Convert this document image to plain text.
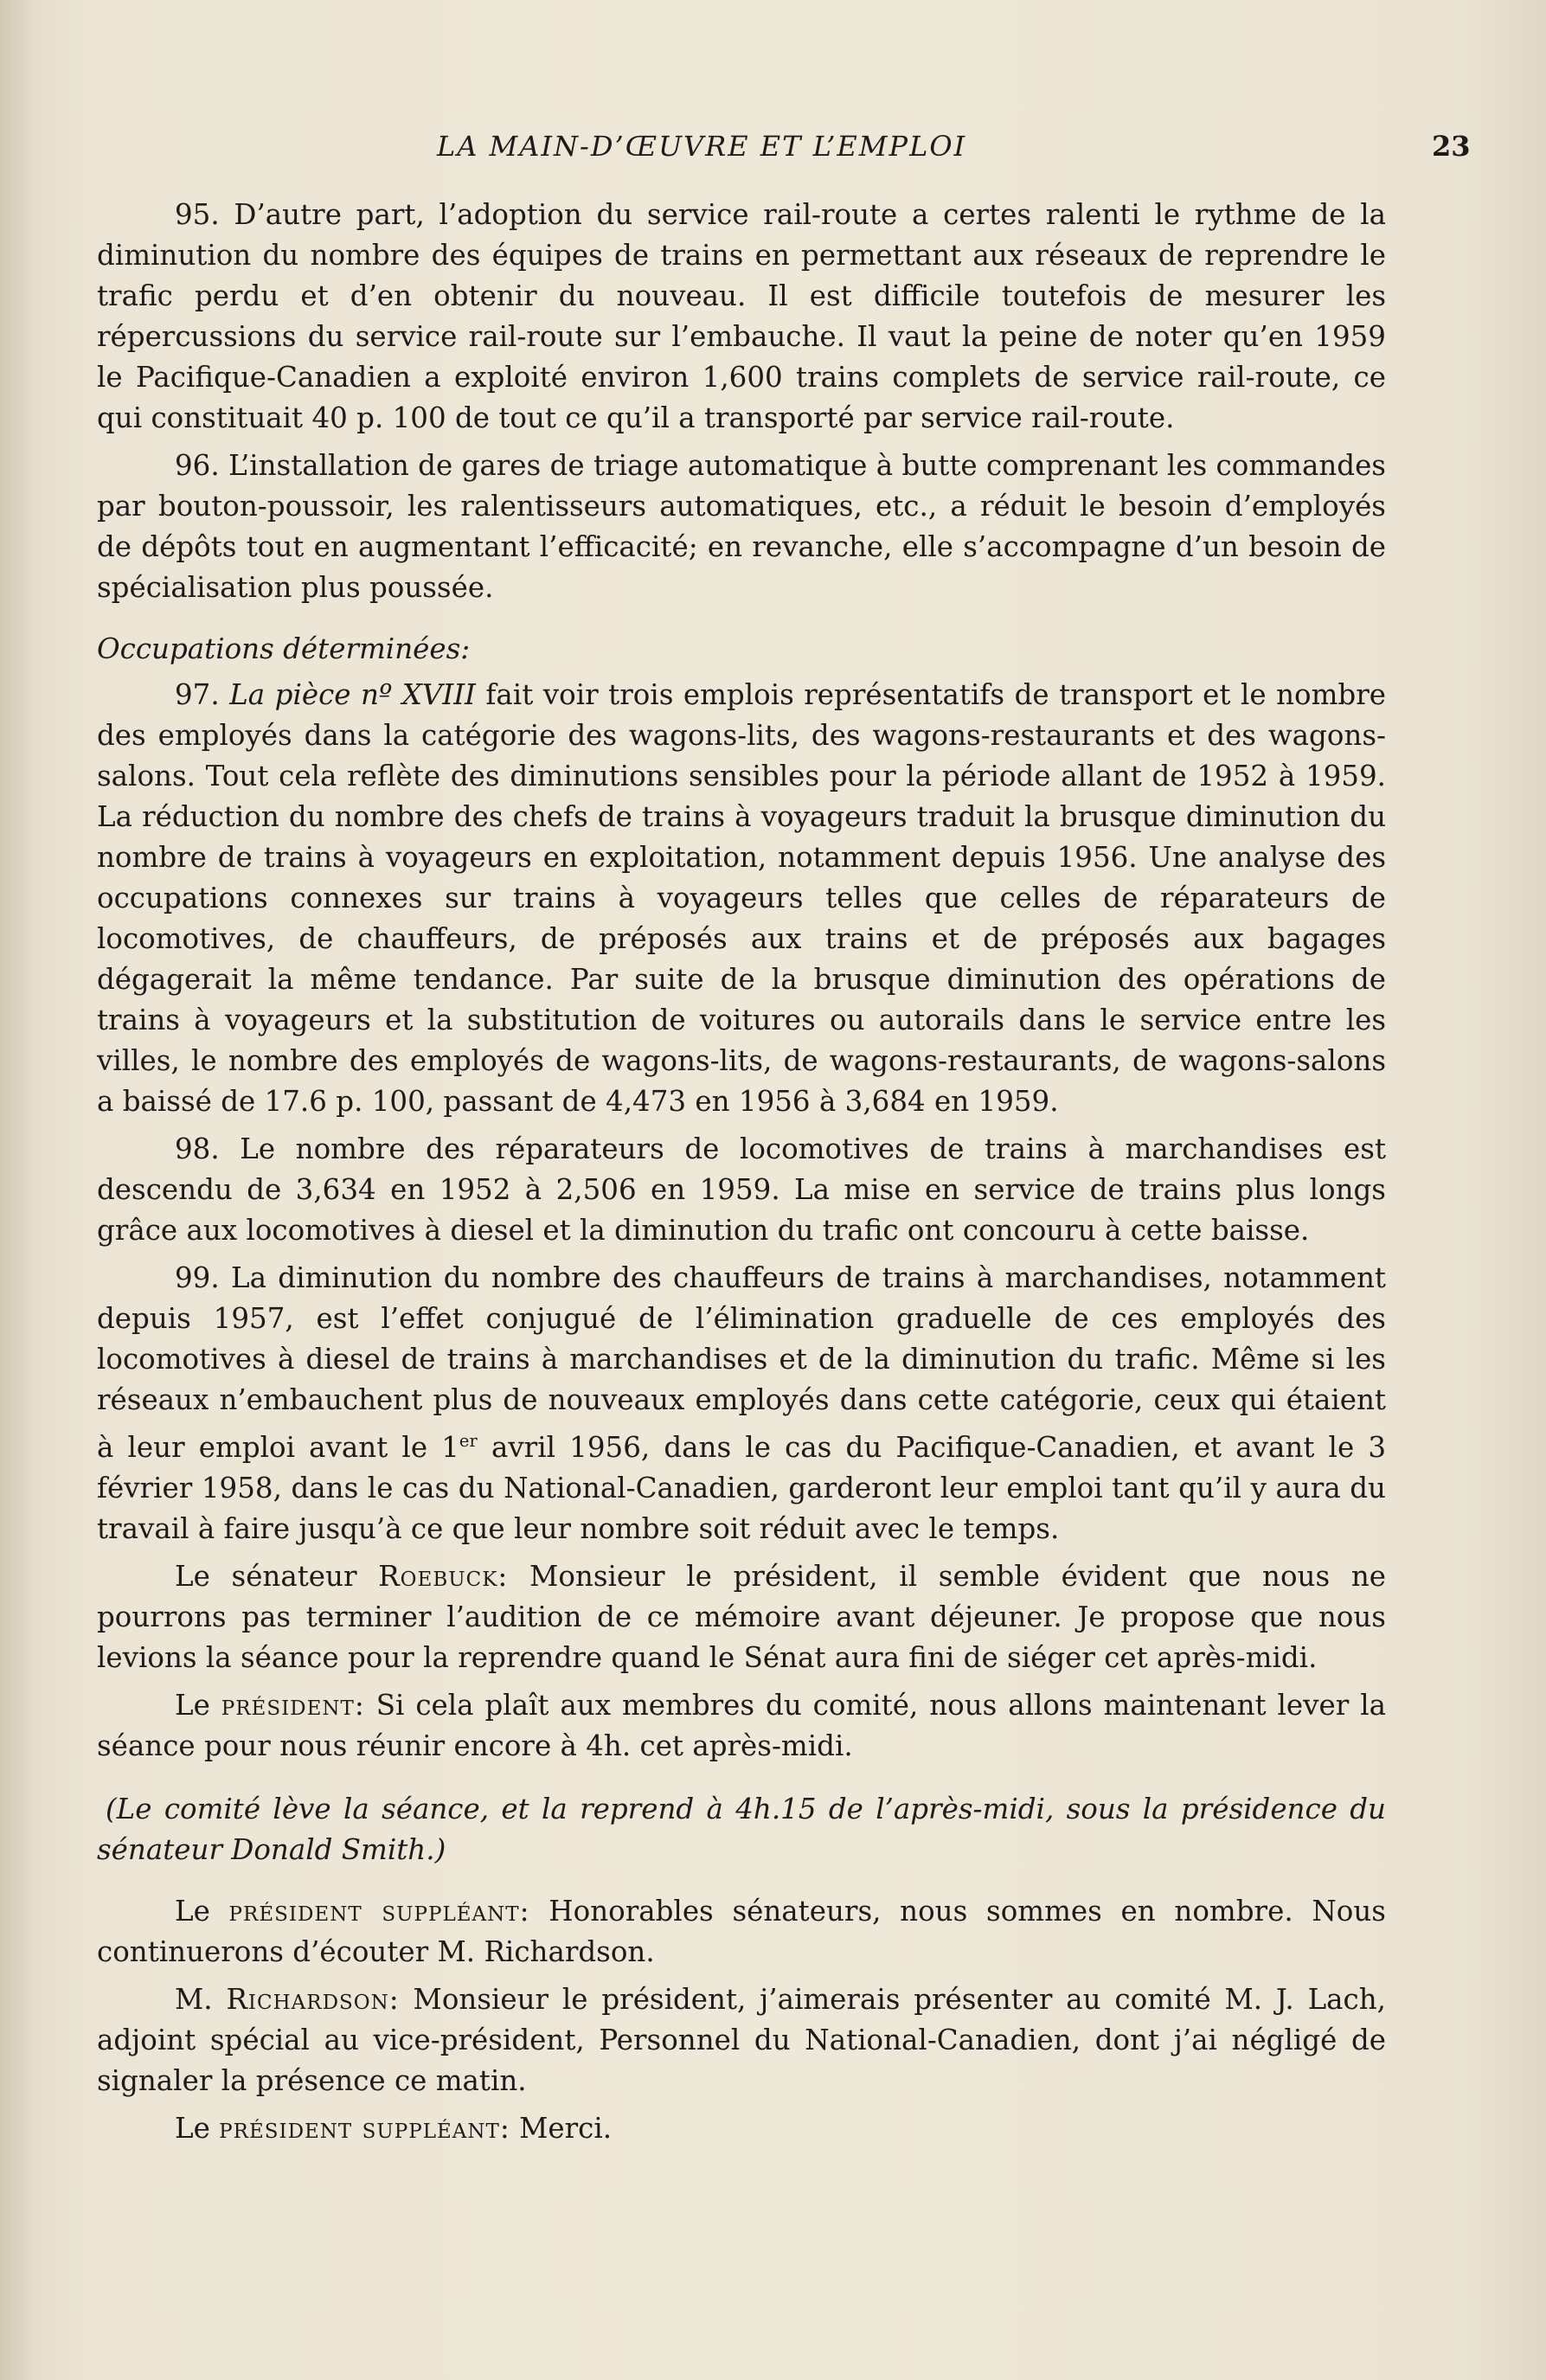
LA MAIN-D’ŒUVRE ET L’EMPLOI	23

95. D’autre part, l’adoption du service rail-route a certes ralenti le rythme de la diminution du nombre des équipes de trains en permettant aux réseaux de reprendre le trafic perdu et d’en obtenir du nouveau. Il est difficile toutefois de mesurer les répercussions du service rail-route sur l’embauche. Il vaut la peine de noter qu’en 1959 le Pacifique-Canadien a exploité environ 1,600 trains complets de service rail-route, ce qui constituait 40 p. 100 de tout ce qu’il a transporté par service rail-route.

96. L’installation de gares de triage automatique à butte comprenant les commandes par bouton-poussoir, les ralentisseurs automatiques, etc., a réduit le besoin d’employés de dépôts tout en augmentant l’efficacité; en revanche, elle s’accompagne d’un besoin de spécialisation plus poussée.

Occupations déterminées:

97. La pièce nº XVIII fait voir trois emplois représentatifs de transport et le nombre des employés dans la catégorie des wagons-lits, des wagons-restaurants et des wagons-salons. Tout cela reflète des diminutions sensibles pour la période allant de 1952 à 1959. La réduction du nombre des chefs de trains à voyageurs traduit la brusque diminution du nombre de trains à voyageurs en exploitation, notamment depuis 1956. Une analyse des occupations connexes sur trains à voyageurs telles que celles de réparateurs de locomotives, de chauffeurs, de préposés aux trains et de préposés aux bagages dégagerait la même tendance. Par suite de la brusque diminution des opérations de trains à voyageurs et la substitution de voitures ou autorails dans le service entre les villes, le nombre des employés de wagons-lits, de wagons-restaurants, de wagons-salons a baissé de 17.6 p. 100, passant de 4,473 en 1956 à 3,684 en 1959.

98. Le nombre des réparateurs de locomotives de trains à marchandises est descendu de 3,634 en 1952 à 2,506 en 1959. La mise en service de trains plus longs grâce aux locomotives à diesel et la diminution du trafic ont concouru à cette baisse.

99. La diminution du nombre des chauffeurs de trains à marchandises, notamment depuis 1957, est l’effet conjugué de l’élimination graduelle de ces employés des locomotives à diesel de trains à marchandises et de la diminution du trafic. Même si les réseaux n’embauchent plus de nouveaux employés dans cette catégorie, ceux qui étaient à leur emploi avant le 1er avril 1956, dans le cas du Pacifique-Canadien, et avant le 3 février 1958, dans le cas du National-Canadien, garderont leur emploi tant qu’il y aura du travail à faire jusqu’à ce que leur nombre soit réduit avec le temps.

Le sénateur Roebuck: Monsieur le président, il semble évident que nous ne pourrons pas terminer l’audition de ce mémoire avant déjeuner. Je propose que nous levions la séance pour la reprendre quand le Sénat aura fini de siéger cet après-midi.

Le président: Si cela plaît aux membres du comité, nous allons maintenant lever la séance pour nous réunir encore à 4h. cet après-midi.

(Le comité lève la séance, et la reprend à 4h.15 de l’après-midi, sous la présidence du sénateur Donald Smith.)

Le président suppléant: Honorables sénateurs, nous sommes en nombre. Nous continuerons d’écouter M. Richardson.

M. Richardson: Monsieur le président, j’aimerais présenter au comité M. J. Lach, adjoint spécial au vice-président, Personnel du National-Canadien, dont j’ai négligé de signaler la présence ce matin.

Le président suppléant: Merci.
